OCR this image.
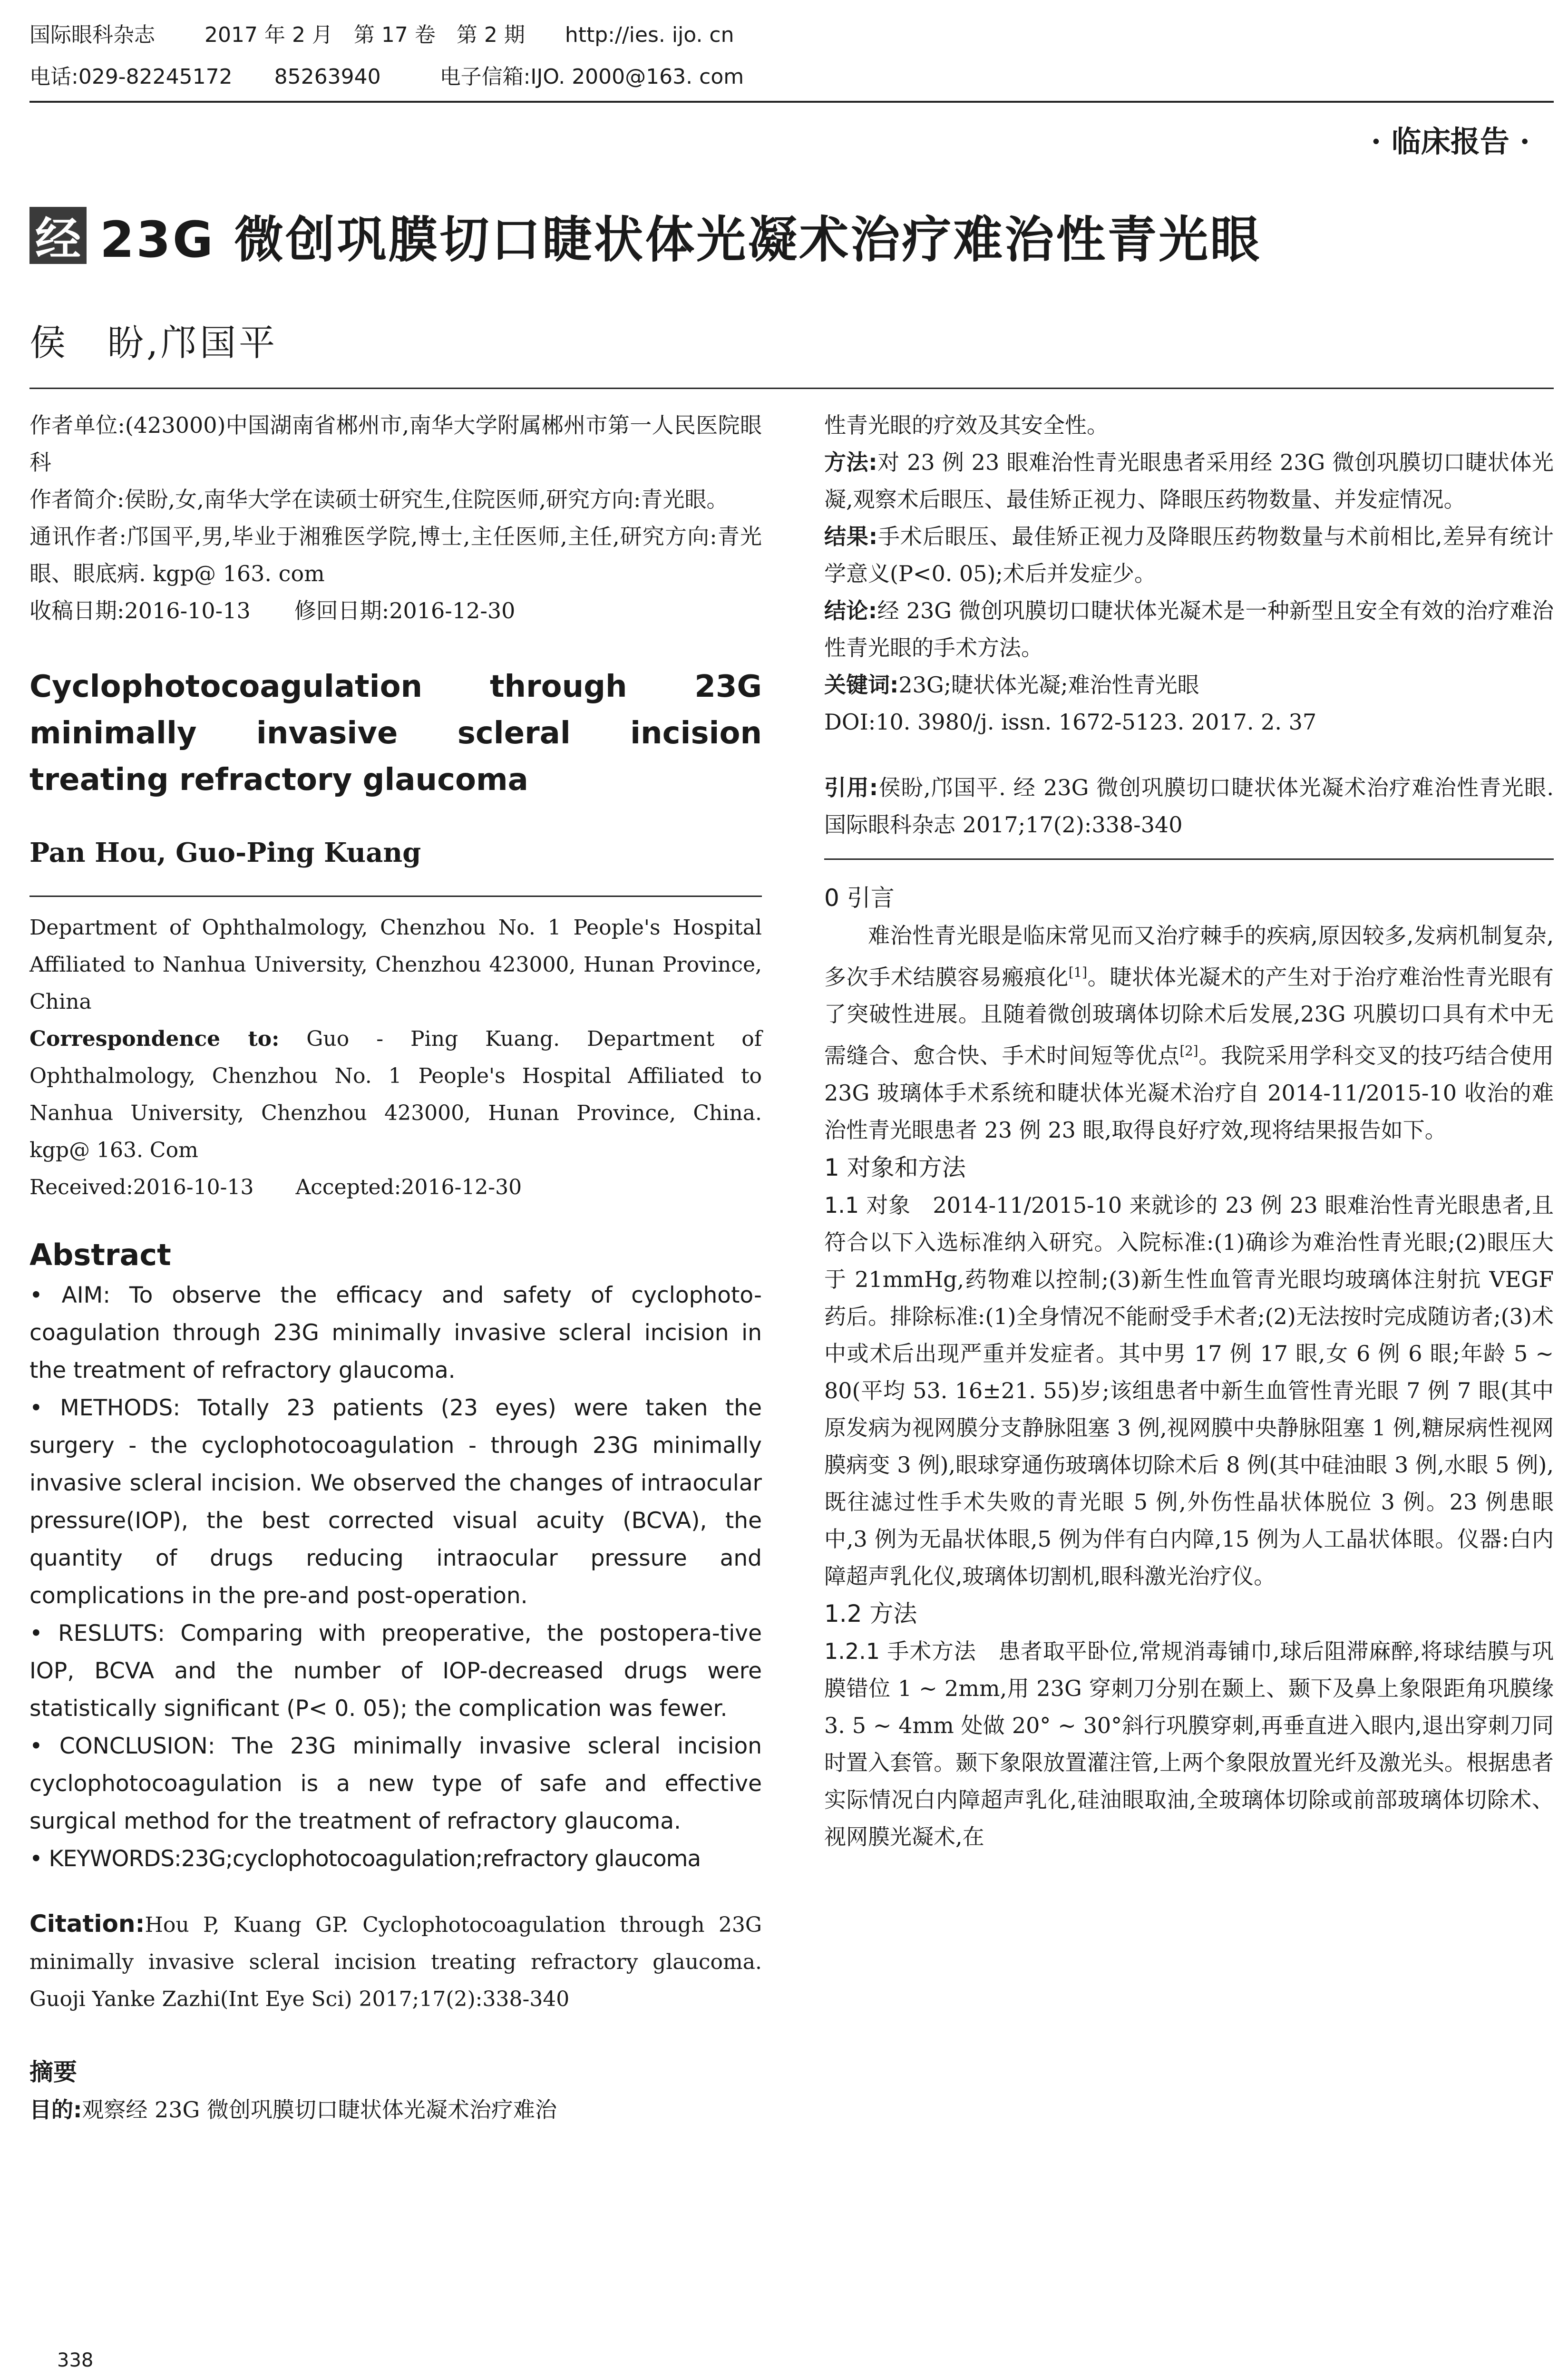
国际眼科杂志 2017 年 2 月　第 17 卷　第 2 期 http://ies. ijo. cn
电话:029-82245172　　85263940	电子信箱:IJO. 2000@163. com
· 临床报告 ·
经 23G 微创巩膜切口睫状体光凝术治疗难治性青光眼
侯　盼,邝国平

作者单位:(423000)中国湖南省郴州市,南华大学附属郴州市第一人民医院眼科

作者简介:侯盼,女,南华大学在读硕士研究生,住院医师,研究方向:青光眼。

通讯作者:邝国平,男,毕业于湘雅医学院,博士,主任医师,主任,研究方向:青光眼、眼底病. kgp@ 163. com

收稿日期:2016-10-13　　修回日期:2016-12-30

Cyclophotocoagulation through 23G minimally invasive scleral incision treating refractory glaucoma
Pan Hou, Guo-Ping Kuang
Department of Ophthalmology, Chenzhou No. 1 People's Hospital Affiliated to Nanhua University, Chenzhou 423000, Hunan Province, China
Correspondence to: Guo - Ping Kuang. Department of Ophthalmology, Chenzhou No. 1 People's Hospital Affiliated to Nanhua University, Chenzhou 423000, Hunan Province, China. kgp@ 163. Com
Received:2016-10-13　　Accepted:2016-12-30
Abstract

• AIM: To observe the efficacy and safety of cyclophoto-coagulation through 23G minimally invasive scleral incision in the treatment of refractory glaucoma.

• METHODS: Totally 23 patients (23 eyes) were taken the surgery - the cyclophotocoagulation - through 23G minimally invasive scleral incision. We observed the changes of intraocular pressure(IOP), the best corrected visual acuity (BCVA), the quantity of drugs reducing intraocular pressure and complications in the pre-and post-operation.

• RESLUTS: Comparing with preoperative, the postopera-tive IOP, BCVA and the number of IOP-decreased drugs were statistically significant (P< 0. 05); the complication was fewer.

• CONCLUSION: The 23G minimally invasive scleral incision cyclophotocoagulation is a new type of safe and effective surgical method for the treatment of refractory glaucoma.

• KEYWORDS:23G;cyclophotocoagulation;refractory glaucoma

Citation:Hou P, Kuang GP. Cyclophotocoagulation through 23G minimally invasive scleral incision treating refractory glaucoma. Guoji Yanke Zazhi(Int Eye Sci) 2017;17(2):338-340
摘要

目的:观察经 23G 微创巩膜切口睫状体光凝术治疗难治

性青光眼的疗效及其安全性。

方法:对 23 例 23 眼难治性青光眼患者采用经 23G 微创巩膜切口睫状体光凝,观察术后眼压、最佳矫正视力、降眼压药物数量、并发症情况。

结果:手术后眼压、最佳矫正视力及降眼压药物数量与术前相比,差异有统计学意义(P<0. 05);术后并发症少。

结论:经 23G 微创巩膜切口睫状体光凝术是一种新型且安全有效的治疗难治性青光眼的手术方法。

关键词:23G;睫状体光凝;难治性青光眼

DOI:10. 3980/j. issn. 1672-5123. 2017. 2. 37

引用:侯盼,邝国平. 经 23G 微创巩膜切口睫状体光凝术治疗难治性青光眼. 国际眼科杂志 2017;17(2):338-340

0 引言

难治性青光眼是临床常见而又治疗棘手的疾病,原因较多,发病机制复杂,多次手术结膜容易瘢痕化[1]。睫状体光凝术的产生对于治疗难治性青光眼有了突破性进展。且随着微创玻璃体切除术后发展,23G 巩膜切口具有术中无需缝合、愈合快、手术时间短等优点[2]。我院采用学科交叉的技巧结合使用 23G 玻璃体手术系统和睫状体光凝术治疗自 2014-11/2015-10 收治的难治性青光眼患者 23 例 23 眼,取得良好疗效,现将结果报告如下。

1 对象和方法

1.1 对象　2014-11/2015-10 来就诊的 23 例 23 眼难治性青光眼患者,且符合以下入选标准纳入研究。入院标准:(1)确诊为难治性青光眼;(2)眼压大于 21mmHg,药物难以控制;(3)新生性血管青光眼均玻璃体注射抗 VEGF 药后。排除标准:(1)全身情况不能耐受手术者;(2)无法按时完成随访者;(3)术中或术后出现严重并发症者。其中男 17 例 17 眼,女 6 例 6 眼;年龄 5 ~ 80(平均 53. 16±21. 55)岁;该组患者中新生血管性青光眼 7 例 7 眼(其中原发病为视网膜分支静脉阻塞 3 例,视网膜中央静脉阻塞 1 例,糖尿病性视网膜病变 3 例),眼球穿通伤玻璃体切除术后 8 例(其中硅油眼 3 例,水眼 5 例),既往滤过性手术失败的青光眼 5 例,外伤性晶状体脱位 3 例。23 例患眼中,3 例为无晶状体眼,5 例为伴有白内障,15 例为人工晶状体眼。仪器:白内障超声乳化仪,玻璃体切割机,眼科激光治疗仪。

1.2 方法

1.2.1 手术方法　患者取平卧位,常规消毒铺巾,球后阻滞麻醉,将球结膜与巩膜错位 1 ~ 2mm,用 23G 穿刺刀分别在颞上、颞下及鼻上象限距角巩膜缘 3. 5 ~ 4mm 处做 20° ~ 30°斜行巩膜穿刺,再垂直进入眼内,退出穿刺刀同时置入套管。颞下象限放置灌注管,上两个象限放置光纤及激光头。根据患者实际情况白内障超声乳化,硅油眼取油,全玻璃体切除或前部玻璃体切除术、视网膜光凝术,在

338
